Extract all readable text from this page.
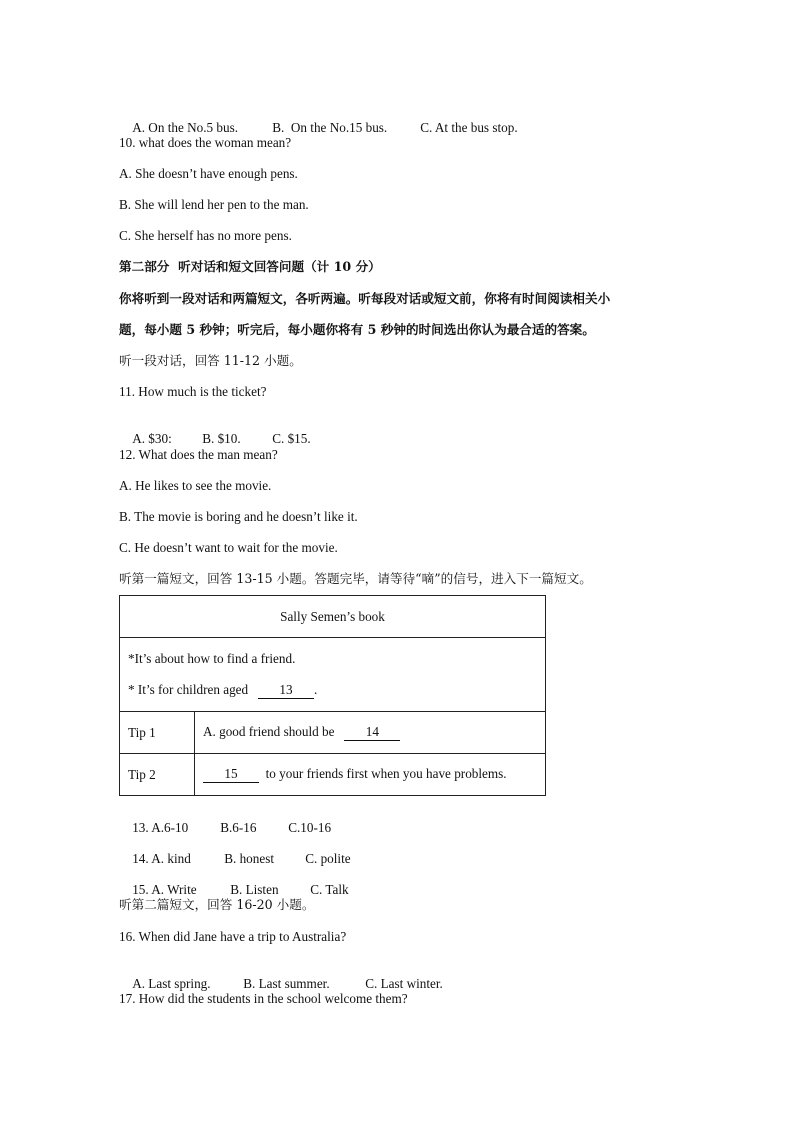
A. On the No.5 bus.	B.  On the No.15 bus. C. At the bus stop.

10. what does the woman mean?
A. She doesn’t have enough pens.
B. She will lend her pen to the man.
C. She herself has no more pens.
第二部分  听对话和短文回答问题（计 10 分）
你将听到一段对话和两篇短文，各听两遍。听每段对话或短文前，你将有时间阅读相关小
题，每小题 5 秒钟；听完后，每小题你将有 5 秒钟的时间选出你认为最合适的答案。
听一段对话，回答 11-12 小题。
11. How much is the ticket?

A. $30: B. $10. C. $15.

12. What does the man mean?
A. He likes to see the movie.
B. The movie is boring and he doesn’t like it.
C. He doesn’t want to wait for the movie.
听第一篇短文，回答 13-15 小题。答题完毕，请等待“嘀”的信号，进入下一篇短文。
Sally Semen’s book	

*It’s about how to find a friend.
* It’s for children aged 13 .	

Tip 1	A. good friend should be 14
Tip 2	15 to your friends first when you have problems.

13. A.6-10 B.6-16 C.10-16

14. A. kind	B. honest C. polite

15. A. Write	B. Listen C. Talk

听第二篇短文，回答 16-20 小题。
16. When did Jane have a trip to Australia?

A. Last spring. B. Last summer.	C. Last winter.

17. How did the students in the school welcome them?
